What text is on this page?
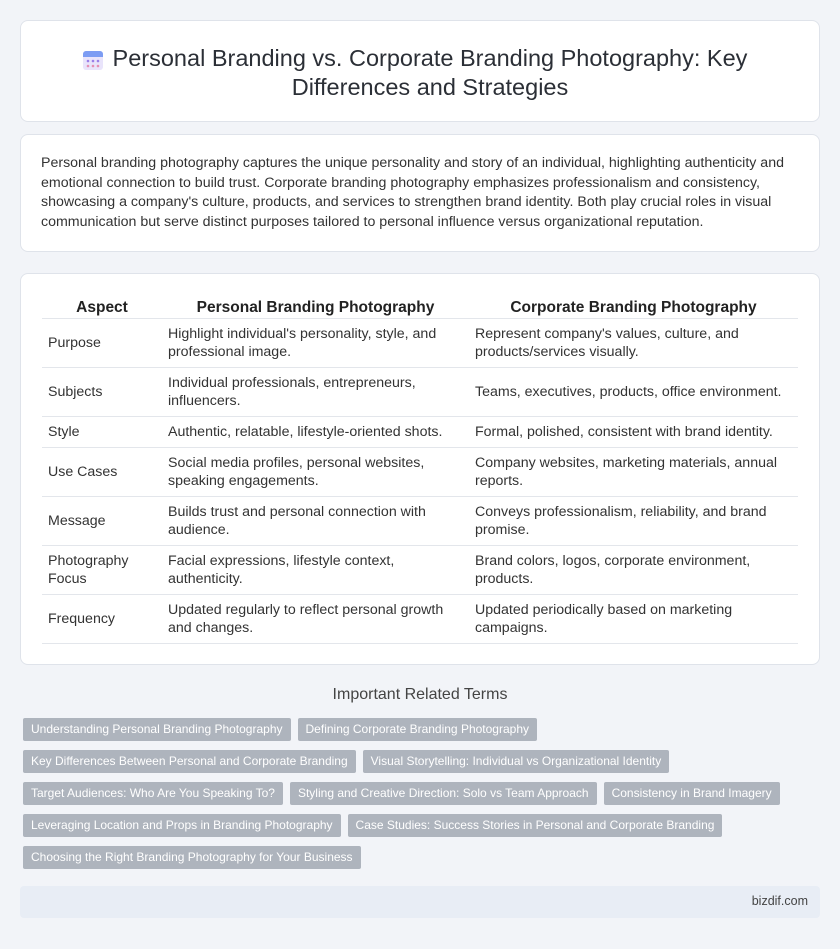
Personal Branding vs. Corporate Branding Photography: Key Differences and Strategies

Personal branding photography captures the unique personality and story of an individual, highlighting authenticity and emotional connection to build trust. Corporate branding photography emphasizes professionalism and consistency, showcasing a company's culture, products, and services to strengthen brand identity. Both play crucial roles in visual communication but serve distinct purposes tailored to personal influence versus organizational reputation.

Aspect	Personal Branding Photography	Corporate Branding Photography
Purpose	Highlight individual's personality, style, and professional image.	Represent company's values, culture, and products/services visually.
Subjects	Individual professionals, entrepreneurs, influencers.	Teams, executives, products, office environment.
Style	Authentic, relatable, lifestyle-oriented shots.	Formal, polished, consistent with brand identity.
Use Cases	Social media profiles, personal websites, speaking engagements.	Company websites, marketing materials, annual reports.
Message	Builds trust and personal connection with audience.	Conveys professionalism, reliability, and brand promise.
Photography Focus	Facial expressions, lifestyle context, authenticity.	Brand colors, logos, corporate environment, products.
Frequency	Updated regularly to reflect personal growth and changes.	Updated periodically based on marketing campaigns.
Important Related Terms
Understanding Personal Branding Photography	Defining Corporate Branding Photography
Key Differences Between Personal and Corporate Branding	Visual Storytelling: Individual vs Organizational Identity
Target Audiences: Who Are You Speaking To?	Styling and Creative Direction: Solo vs Team Approach	Consistency in Brand Imagery
Leveraging Location and Props in Branding Photography	Case Studies: Success Stories in Personal and Corporate Branding
Choosing the Right Branding Photography for Your Business
bizdif.com
